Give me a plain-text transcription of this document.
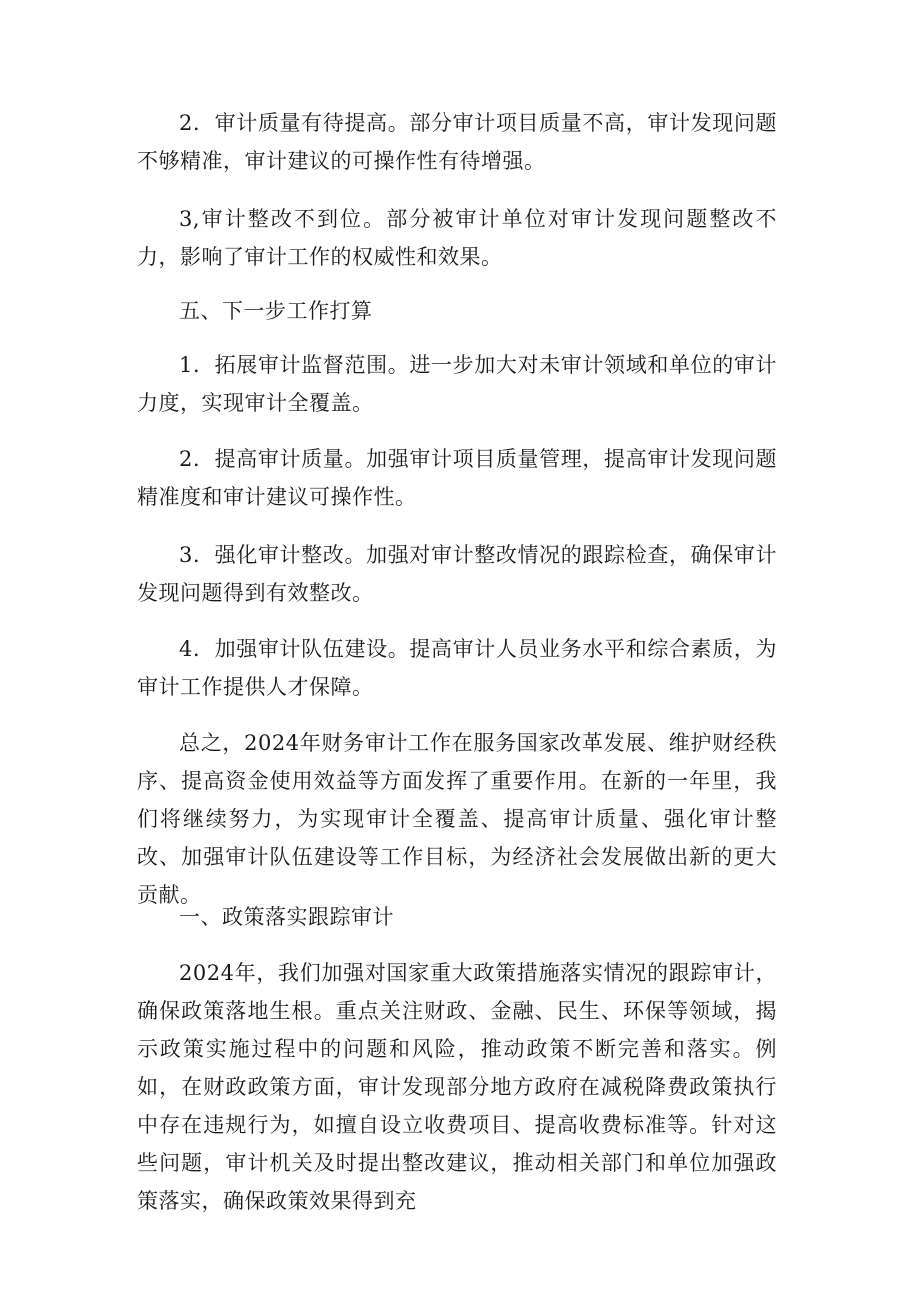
2．审计质量有待提高。部分审计项目质量不高，审计发现问题不够精准，审计建议的可操作性有待增强。

3,审计整改不到位。部分被审计单位对审计发现问题整改不力，影响了审计工作的权威性和效果。

五、下一步工作打算

1．拓展审计监督范围。进一步加大对未审计领域和单位的审计力度，实现审计全覆盖。

2．提高审计质量。加强审计项目质量管理，提高审计发现问题精准度和审计建议可操作性。

3．强化审计整改。加强对审计整改情况的跟踪检查，确保审计发现问题得到有效整改。

4．加强审计队伍建设。提高审计人员业务水平和综合素质，为审计工作提供人才保障。

总之，2024年财务审计工作在服务国家改革发展、维护财经秩序、提高资金使用效益等方面发挥了重要作用。在新的一年里，我们将继续努力，为实现审计全覆盖、提高审计质量、强化审计整改、加强审计队伍建设等工作目标，为经济社会发展做出新的更大贡献。

一、政策落实跟踪审计

2024年，我们加强对国家重大政策措施落实情况的跟踪审计，确保政策落地生根。重点关注财政、金融、民生、环保等领域，揭示政策实施过程中的问题和风险，推动政策不断完善和落实。例如，在财政政策方面，审计发现部分地方政府在减税降费政策执行中存在违规行为，如擅自设立收费项目、提高收费标准等。针对这些问题，审计机关及时提出整改建议，推动相关部门和单位加强政策落实，确保政策效果得到充
